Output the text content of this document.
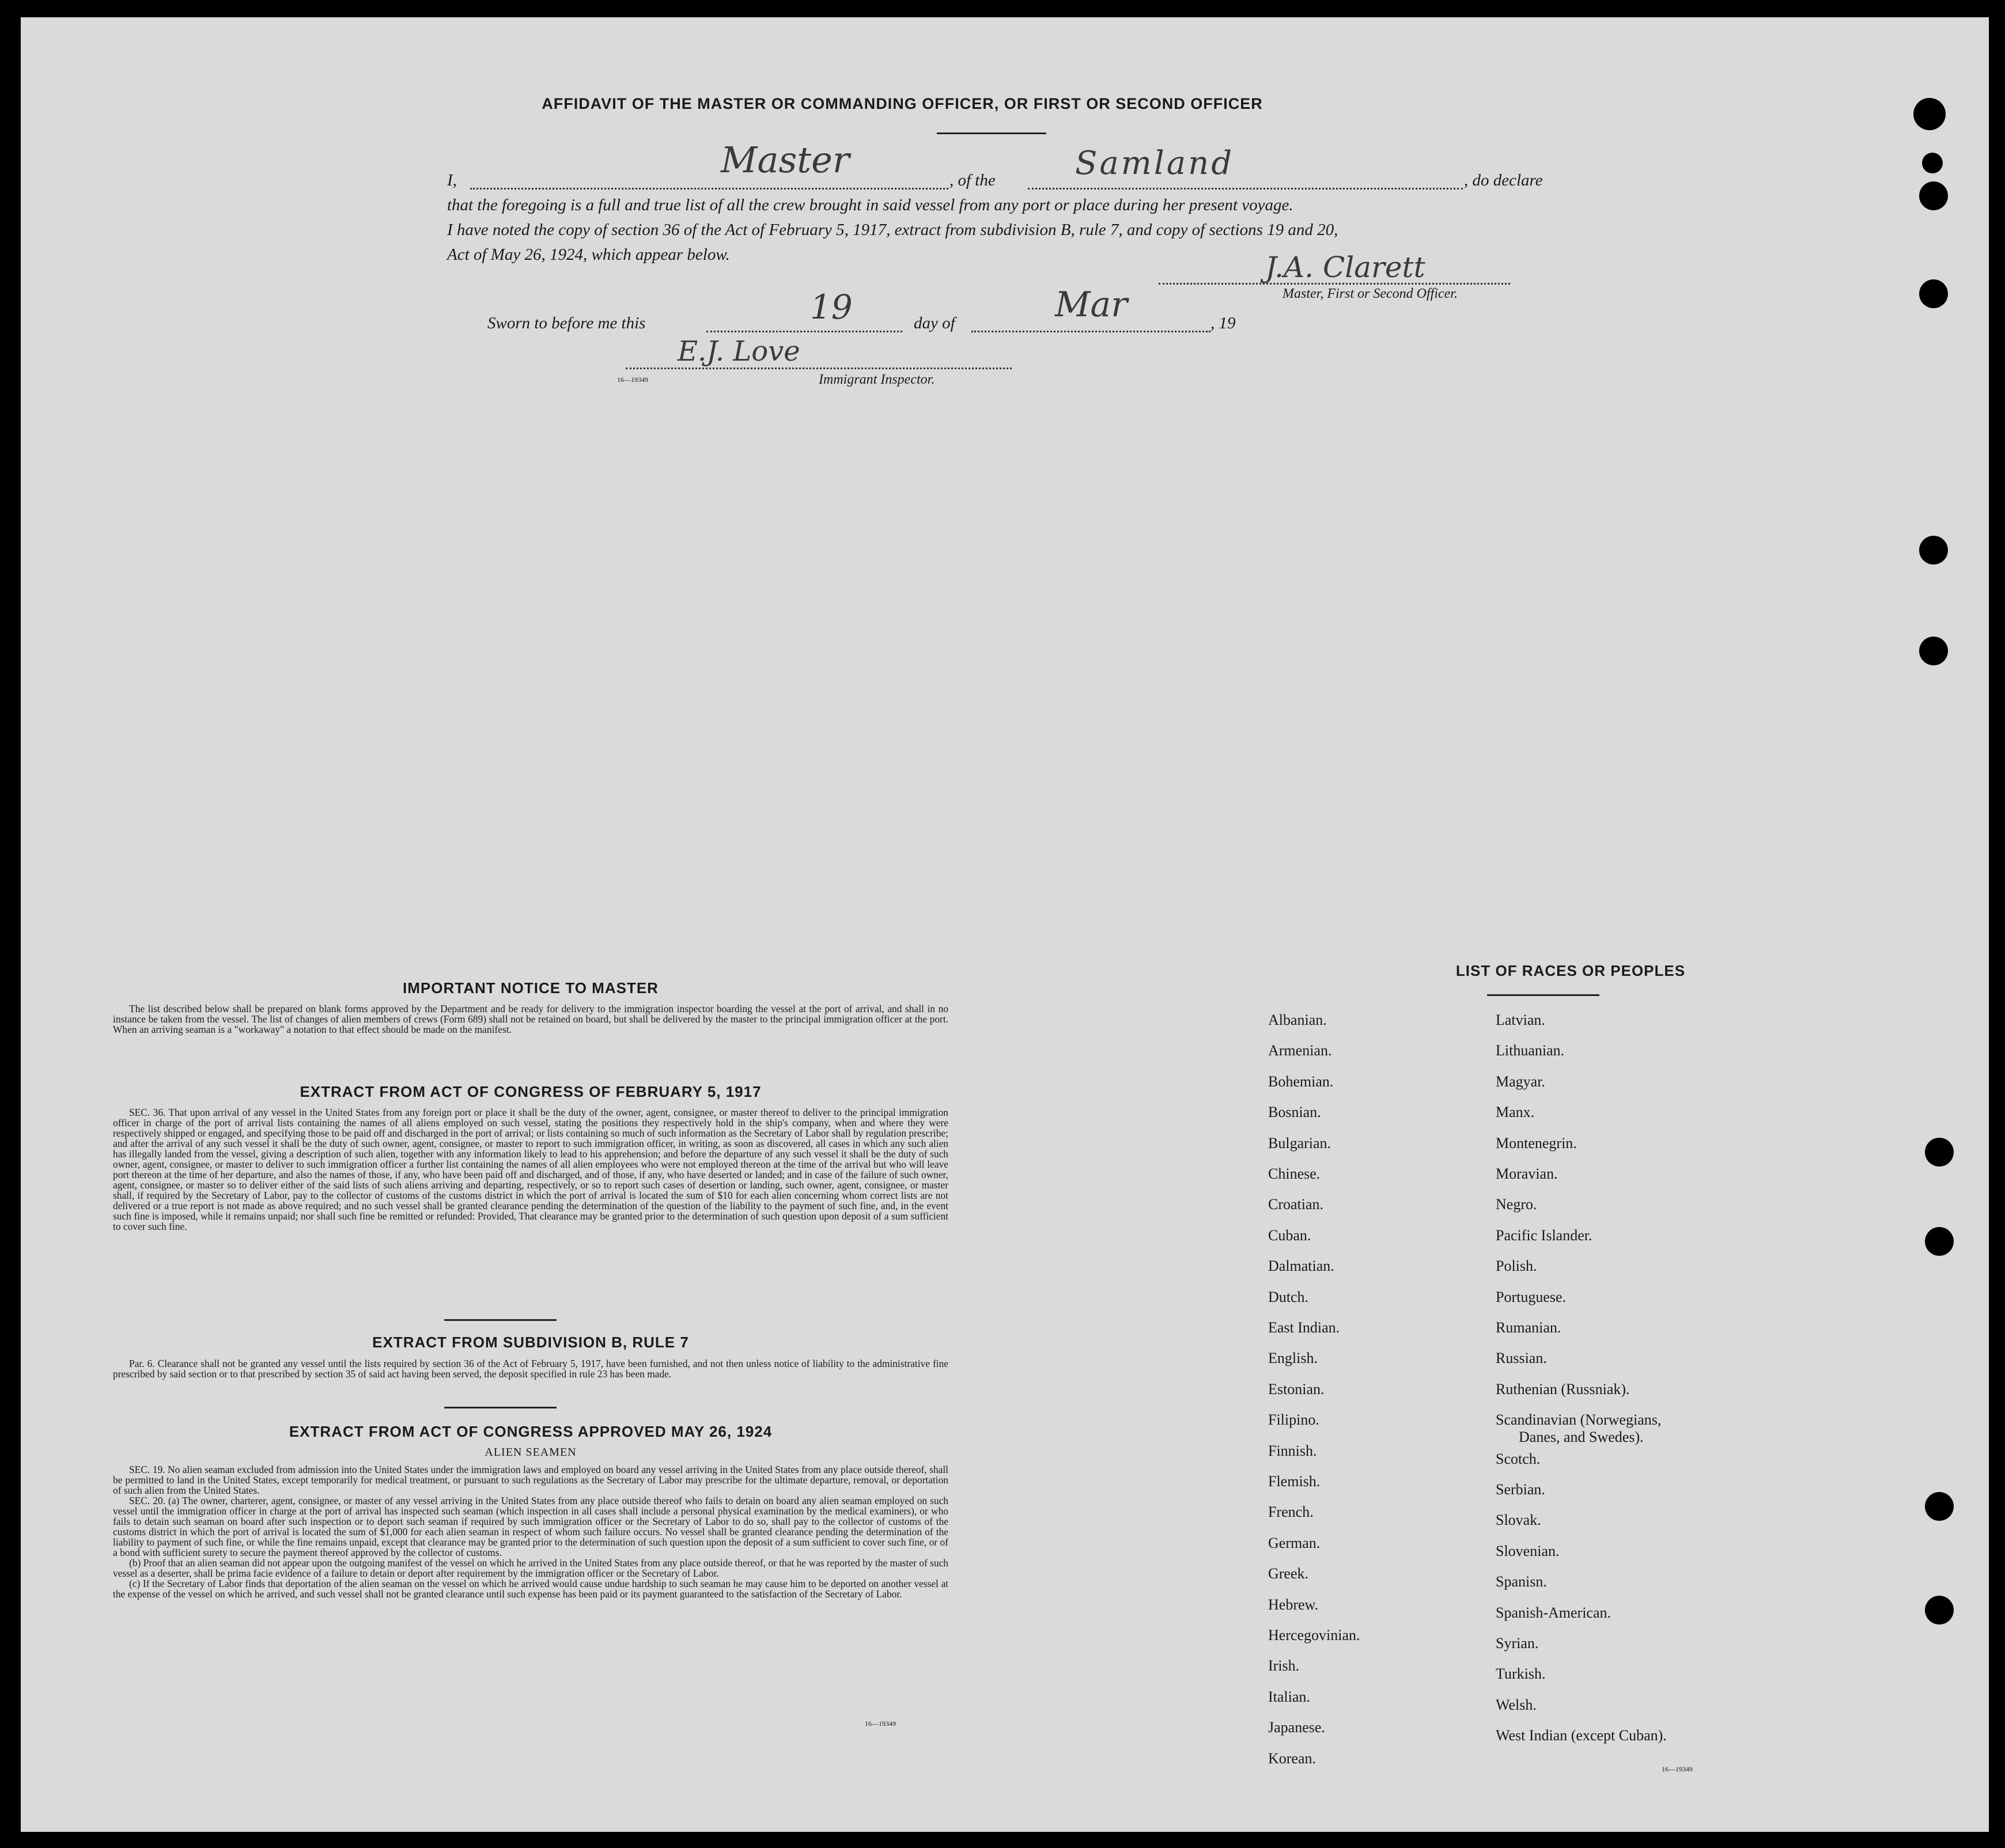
AFFIDAVIT OF THE MASTER OR COMMANDING OFFICER, OR FIRST OR SECOND OFFICER
I,	Master	, of the Samland	, do declare
that the foregoing is a full and true list of all the crew brought in said vessel from any port or place during her present voyage.
I have noted the copy of section 36 of the Act of February 5, 1917, extract from subdivision B, rule 7, and copy of sections 19 and 20,
Act of May 26, 1924, which appear below.	J.A. Clarett
Master, First or Second Officer.
Sworn to before me this	19	day of	Mar	, 19
E.J. Love
16—19349	Immigrant Inspector.
IMPORTANT NOTICE TO MASTER

The list described below shall be prepared on blank forms approved by the Department and be ready for delivery to the immigration inspector boarding the vessel at the port of arrival, and shall in no instance be taken from the vessel. The list of changes of alien members of crews (Form 689) shall not be retained on board, but shall be delivered by the master to the principal immigration officer at the port. When an arriving seaman is a "workaway" a notation to that effect should be made on the manifest.

EXTRACT FROM ACT OF CONGRESS OF FEBRUARY 5, 1917

SEC. 36. That upon arrival of any vessel in the United States from any foreign port or place it shall be the duty of the owner, agent, consignee, or master thereof to deliver to the principal immigration officer in charge of the port of arrival lists containing the names of all aliens employed on such vessel, stating the positions they respectively hold in the ship's company, when and where they were respectively shipped or engaged, and specifying those to be paid off and discharged in the port of arrival; or lists containing so much of such information as the Secretary of Labor shall by regulation prescribe; and after the arrival of any such vessel it shall be the duty of such owner, agent, consignee, or master to report to such immigration officer, in writing, as soon as discovered, all cases in which any such alien has illegally landed from the vessel, giving a description of such alien, together with any information likely to lead to his apprehension; and before the departure of any such vessel it shall be the duty of such owner, agent, consignee, or master to deliver to such immigration officer a further list containing the names of all alien employees who were not employed thereon at the time of the arrival but who will leave port thereon at the time of her departure, and also the names of those, if any, who have been paid off and discharged, and of those, if any, who have deserted or landed; and in case of the failure of such owner, agent, consignee, or master so to deliver either of the said lists of such aliens arriving and departing, respectively, or so to report such cases of desertion or landing, such owner, agent, consignee, or master shall, if required by the Secretary of Labor, pay to the collector of customs of the customs district in which the port of arrival is located the sum of $10 for each alien concerning whom correct lists are not delivered or a true report is not made as above required; and no such vessel shall be granted clearance pending the determination of the question of the liability to the payment of such fine, and, in the event such fine is imposed, while it remains unpaid; nor shall such fine be remitted or refunded: Provided, That clearance may be granted prior to the determination of such question upon deposit of a sum sufficient to cover such fine.

EXTRACT FROM SUBDIVISION B, RULE 7

Par. 6. Clearance shall not be granted any vessel until the lists required by section 36 of the Act of February 5, 1917, have been furnished, and not then unless notice of liability to the administrative fine prescribed by said section or to that prescribed by section 35 of said act having been served, the deposit specified in rule 23 has been made.

EXTRACT FROM ACT OF CONGRESS APPROVED MAY 26, 1924
ALIEN SEAMEN

SEC. 19. No alien seaman excluded from admission into the United States under the immigration laws and employed on board any vessel arriving in the United States from any place outside thereof, shall be permitted to land in the United States, except temporarily for medical treatment, or pursuant to such regulations as the Secretary of Labor may prescribe for the ultimate departure, removal, or deportation of such alien from the United States.

SEC. 20. (a) The owner, charterer, agent, consignee, or master of any vessel arriving in the United States from any place outside thereof who fails to detain on board any alien seaman employed on such vessel until the immigration officer in charge at the port of arrival has inspected such seaman (which inspection in all cases shall include a personal physical examination by the medical examiners), or who fails to detain such seaman on board after such inspection or to deport such seaman if required by such immigration officer or the Secretary of Labor to do so, shall pay to the collector of customs of the customs district in which the port of arrival is located the sum of $1,000 for each alien seaman in respect of whom such failure occurs. No vessel shall be granted clearance pending the determination of the liability to payment of such fine, or while the fine remains unpaid, except that clearance may be granted prior to the determination of such question upon the deposit of a sum sufficient to cover such fine, or of a bond with sufficient surety to secure the payment thereof approved by the collector of customs.

(b) Proof that an alien seaman did not appear upon the outgoing manifest of the vessel on which he arrived in the United States from any place outside thereof, or that he was reported by the master of such vessel as a deserter, shall be prima facie evidence of a failure to detain or deport after requirement by the immigration officer or the Secretary of Labor.

(c) If the Secretary of Labor finds that deportation of the alien seaman on the vessel on which he arrived would cause undue hardship to such seaman he may cause him to be deported on another vessel at the expense of the vessel on which he arrived, and such vessel shall not be granted clearance until such expense has been paid or its payment guaranteed to the satisfaction of the Secretary of Labor.

16—19349
LIST OF RACES OR PEOPLES
16—19349
Albanian.
Armenian.
Bohemian.
Bosnian.
Bulgarian.
Chinese.
Croatian.
Cuban.
Dalmatian.
Dutch.
East Indian.
English.
Estonian.
Filipino.
Finnish.
Flemish.
French.
German.
Greek.
Hebrew.
Hercegovinian.
Irish.
Italian.
Japanese.
Korean.
Latvian.
Lithuanian.
Magyar.
Manx.
Montenegrin.
Moravian.
Negro.
Pacific Islander.
Polish.
Portuguese.
Rumanian.
Russian.
Ruthenian (Russniak).
Scandinavian (Norwegians,
Danes, and Swedes).
Scotch.
Serbian.
Slovak.
Slovenian.
Spanisn.
Spanish-American.
Syrian.
Turkish.
Welsh.
West Indian (except Cuban).
